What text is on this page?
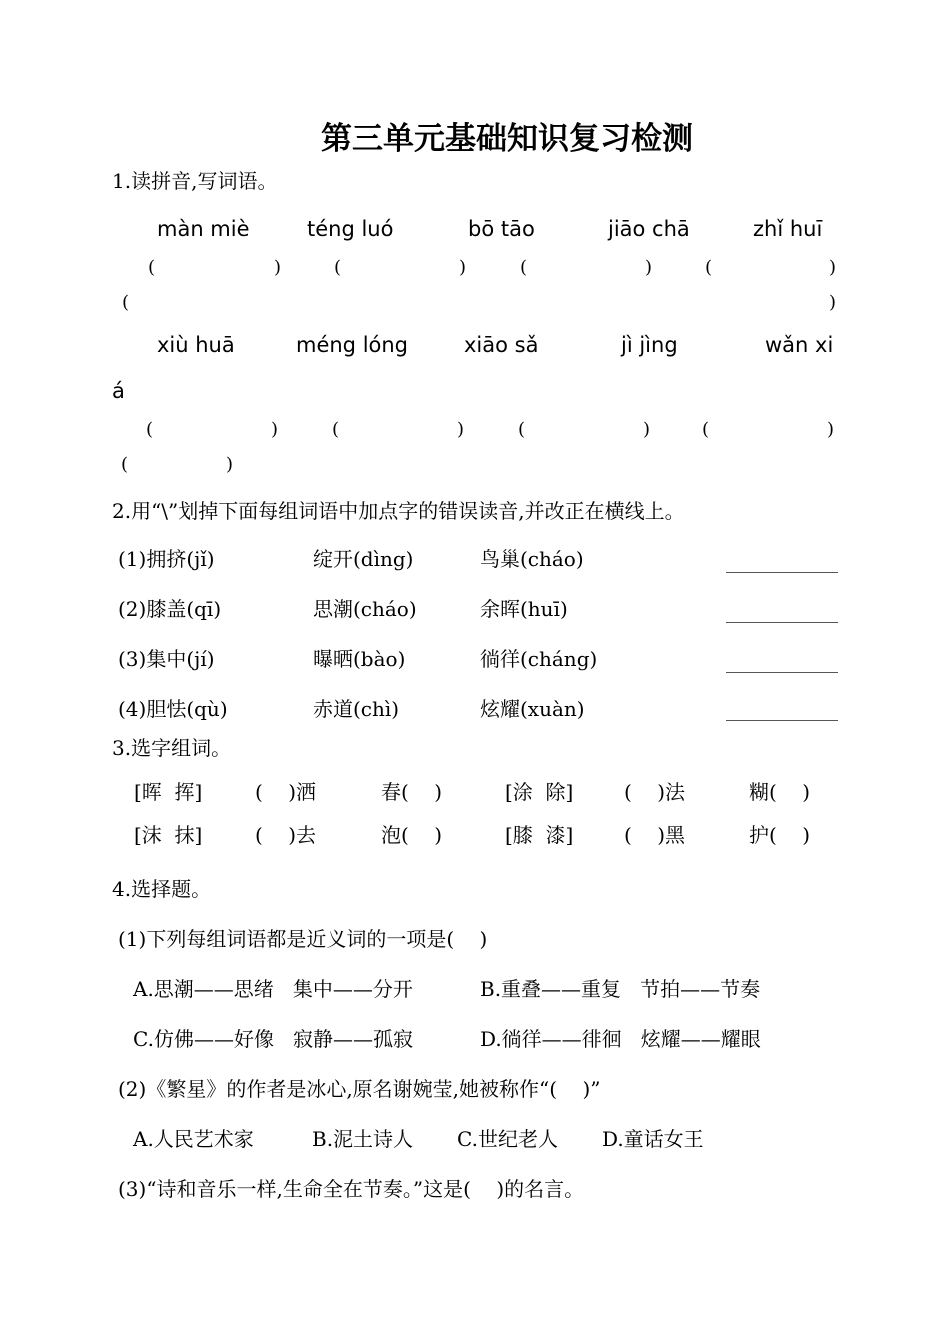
第三单元基础知识复习检测
1.读拼音,写词语。
màn miè	téng luó	bō tāo	jiāo chā	zhǐ huī
(	)	(	)	(	)	(	)
(	)
xiù huā	méng lóng	xiāo sǎ	jì jìng	wǎn xi
á
(	)	(	)	(	)	(	)
(	)
2.用“\”划掉下面每组词语中加点字的错误读音,并改正在横线上。
(1)拥挤(jǐ)	绽开(dìng)	鸟巢(cháo)
(2)膝盖(qī)	思潮(cháo)	余晖(huī)
(3)集中(jí)	曝晒(bào)	徜徉(cháng)
(4)胆怯(qù)	赤道(chì)	炫耀(xuàn)
3.选字组词。
[晖  挥]	(    )洒	春(    )	[涂  除]	(    )法	糊(    )
[沫  抹]	(    )去	泡(    )	[膝  漆]	(    )黑	护(    )
4.选择题。
(1)下列每组词语都是近义词的一项是(    )
A.思潮——思绪   集中——分开	B.重叠——重复   节拍——节奏
C.仿佛——好像   寂静——孤寂	D.徜徉——徘徊   炫耀——耀眼
(2)《繁星》的作者是冰心,原名谢婉莹,她被称作“(    )”
A.人民艺术家	B.泥土诗人 C.世纪老人 D.童话女王
(3)“诗和音乐一样,生命全在节奏。”这是(    )的名言。
